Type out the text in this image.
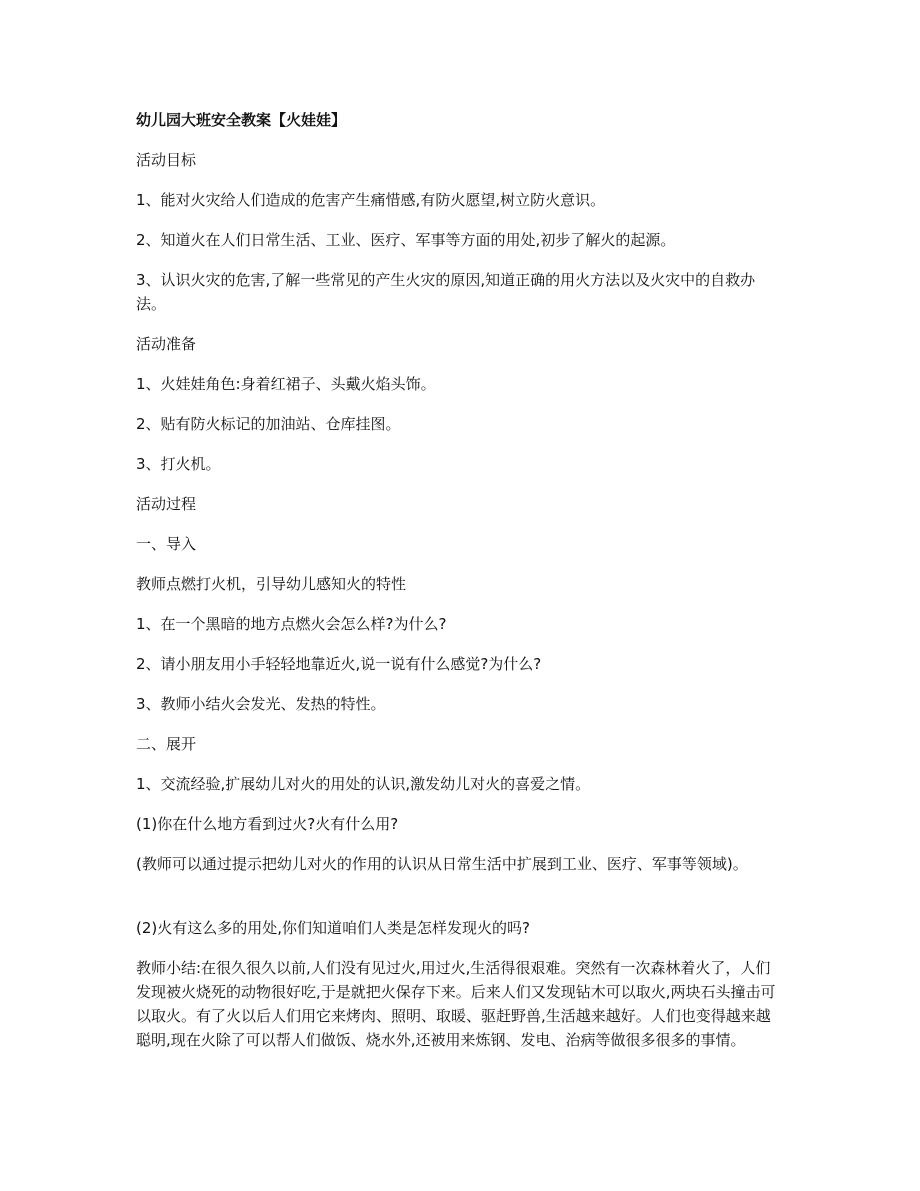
幼儿园大班安全教案【火娃娃】

活动目标

1、能对火灾给人们造成的危害产生痛惜感,有防火愿望,树立防火意识。

2、知道火在人们日常生活、工业、医疗、军事等方面的用处,初步了解火的起源。

3、认识火灾的危害,了解一些常见的产生火灾的原因,知道正确的用火方法以及火灾中的自救办法。

活动准备

1、火娃娃角色:身着红裙子、头戴火焰头饰。

2、贴有防火标记的加油站、仓库挂图。

3、打火机。

活动过程

一、导入

教师点燃打火机，引导幼儿感知火的特性

1、在一个黑暗的地方点燃火会怎么样?为什么?

2、请小朋友用小手轻轻地靠近火,说一说有什么感觉?为什么?

3、教师小结火会发光、发热的特性。

二、展开

1、交流经验,扩展幼儿对火的用处的认识,激发幼儿对火的喜爱之情。

(1)你在什么地方看到过火?火有什么用?

(教师可以通过提示把幼儿对火的作用的认识从日常生活中扩展到工业、医疗、军事等领域)。

(2)火有这么多的用处,你们知道咱们人类是怎样发现火的吗?

教师小结:在很久很久以前,人们没有见过火,用过火,生活得很艰难。突然有一次森林着火了，人们发现被火烧死的动物很好吃,于是就把火保存下来。后来人们又发现钻木可以取火,两块石头撞击可以取火。有了火以后人们用它来烤肉、照明、取暖、驱赶野兽,生活越来越好。人们也变得越来越聪明,现在火除了可以帮人们做饭、烧水外,还被用来炼钢、发电、治病等做很多很多的事情。
